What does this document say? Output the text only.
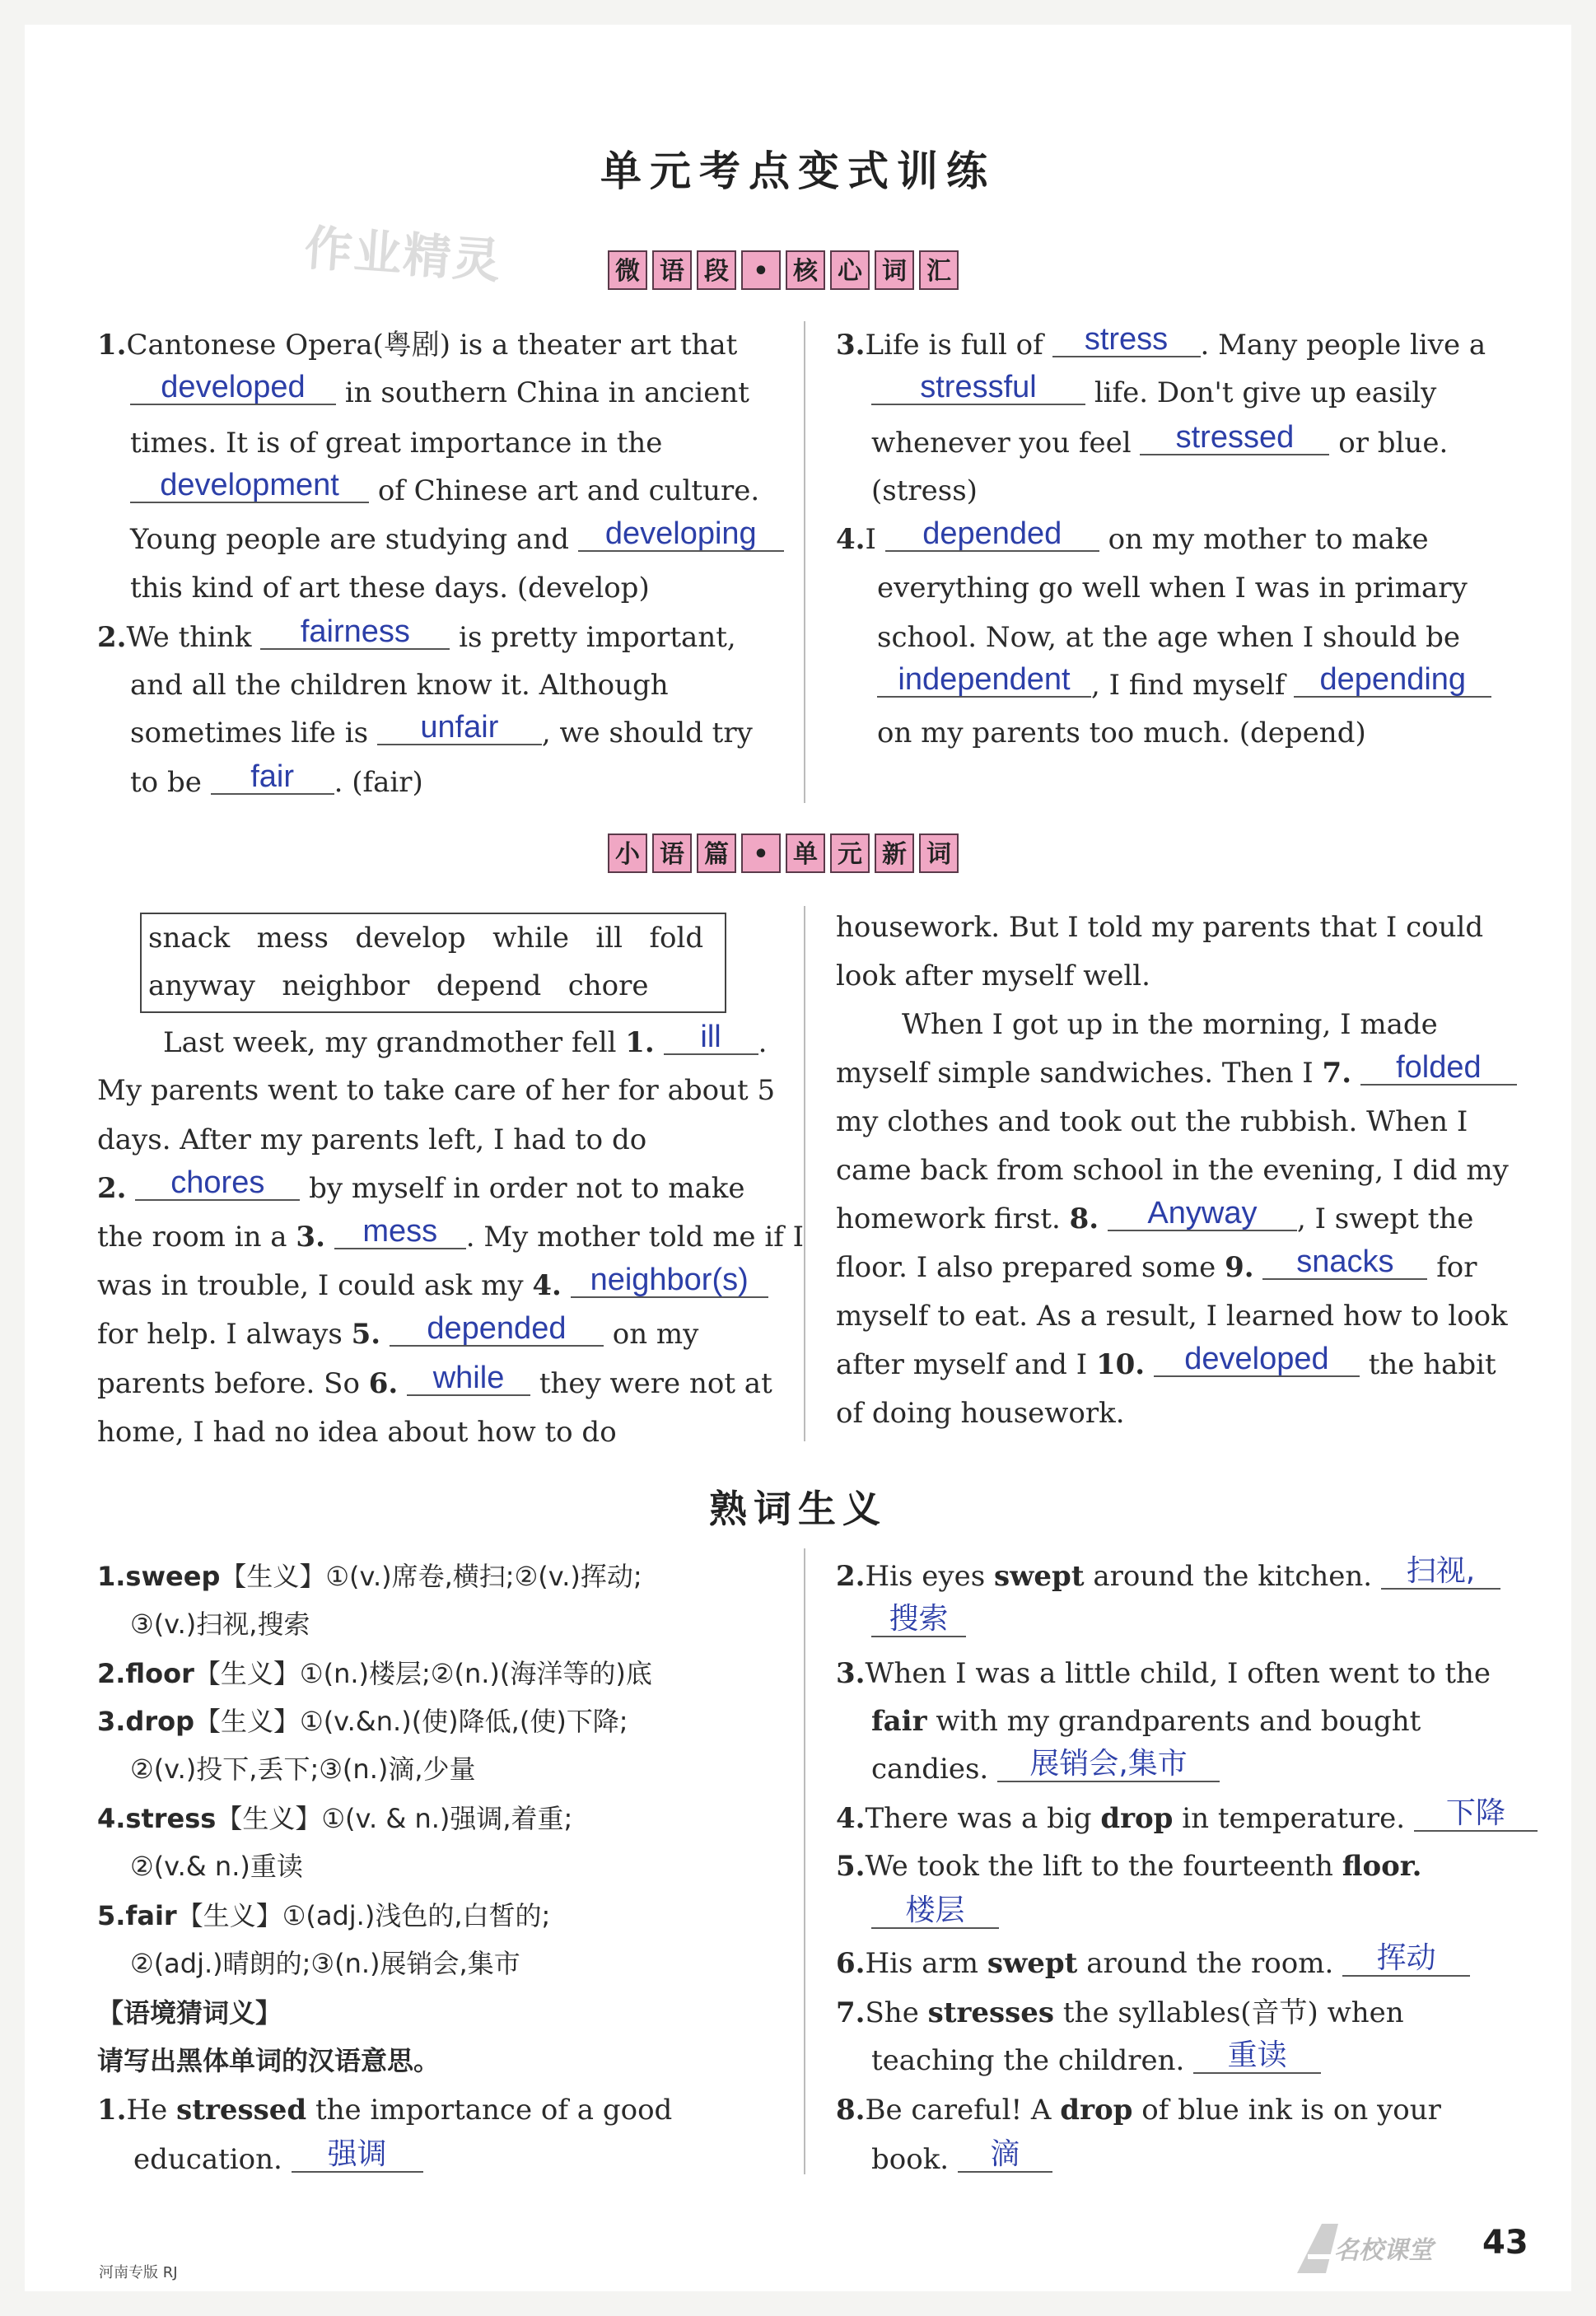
单元考点变式训练
作业精灵	微 语 段 • 核 心 词 汇
1.Cantonese Opera(粤剧) is a theater art that
developed in southern China in ancient
times. It is of great importance in the
development of Chinese art and culture.
Young people are studying and developing
this kind of art these days. (develop)
2.We think fairness is pretty important,
and all the children know it. Although
sometimes life is unfair , we should try
to be fair . (fair)
3.Life is full of stress . Many people live a
stressful life. Don't give up easily
whenever you feel stressed or blue.
(stress)
4.I depended on my mother to make
everything go well when I was in primary
school. Now, at the age when I should be
independent , I find myself depending
on my parents too much. (depend)
小 语 篇 • 单 元 新 词
snack   mess   develop   while   ill   fold
anyway   neighbor   depend   chore
Last week, my grandmother fell 1. ill .
My parents went to take care of her for about 5
days. After my parents left, I had to do
2. chores by myself in order not to make
the room in a 3. mess . My mother told me if I
was in trouble, I could ask my 4. neighbor(s)
for help. I always 5. depended on my
parents before. So 6. while they were not at
home, I had no idea about how to do
housework. But I told my parents that I could
look after myself well.
When I got up in the morning, I made
myself simple sandwiches. Then I 7. folded
my clothes and took out the rubbish. When I
came back from school in the evening, I did my
homework first. 8. Anyway , I swept the
floor. I also prepared some 9. snacks for
myself to eat. As a result, I learned how to look
after myself and I 10. developed the habit
of doing housework.
熟词生义
1.sweep【生义】①(v.)席卷,横扫;②(v.)挥动;
③(v.)扫视,搜索
2.floor【生义】①(n.)楼层;②(n.)(海洋等的)底
3.drop【生义】①(v.&n.)(使)降低,(使)下降;
②(v.)投下,丢下;③(n.)滴,少量
4.stress【生义】①(v. & n.)强调,着重;
②(v.& n.)重读
5.fair【生义】①(adj.)浅色的,白皙的;
②(adj.)晴朗的;③(n.)展销会,集市
【语境猜词义】
请写出黑体单词的汉语意思。
1.He stressed the importance of a good
education. 强调
2.His eyes swept around the kitchen. 扫视,
搜索
3.When I was a little child, I often went to the
fair with my grandparents and bought
candies. 展销会,集市
4.There was a big drop in temperature. 下降
5.We took the lift to the fourteenth floor.
楼层
6.His arm swept around the room. 挥动
7.She stresses the syllables(音节) when
teaching the children. 重读
8.Be careful! A drop of blue ink is on your
book. 滴
河南专版 RJ
名校课堂 43
